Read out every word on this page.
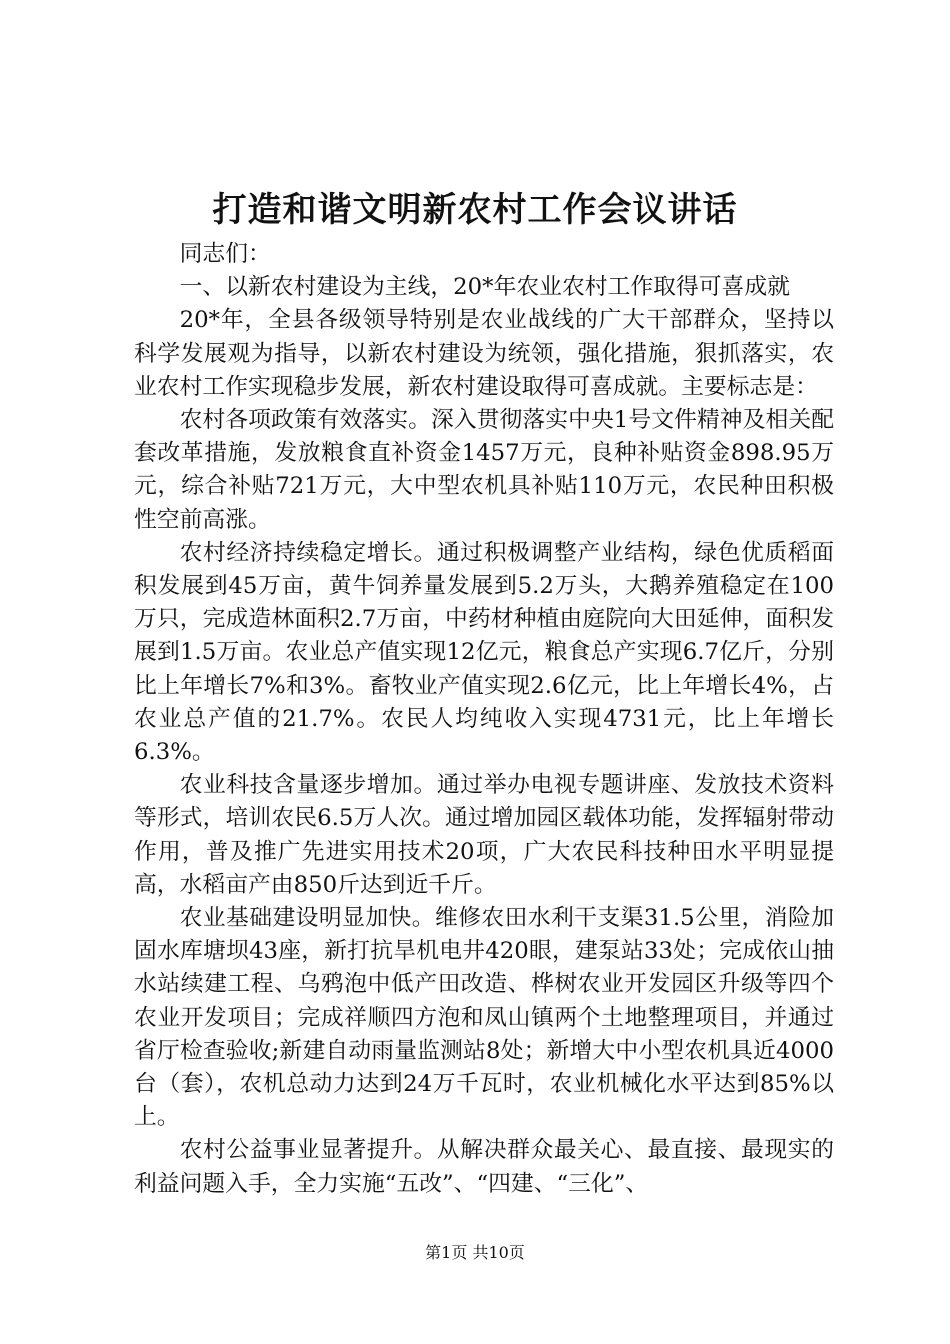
打造和谐文明新农村工作会议讲话

同志们：

一、以新农村建设为主线，20*年农业农村工作取得可喜成就

20*年，全县各级领导特别是农业战线的广大干部群众，坚持以科学发展观为指导，以新农村建设为统领，强化措施，狠抓落实，农业农村工作实现稳步发展，新农村建设取得可喜成就。主要标志是：

农村各项政策有效落实。深入贯彻落实中央1号文件精神及相关配套改革措施，发放粮食直补资金1457万元，良种补贴资金898.95万元，综合补贴721万元，大中型农机具补贴110万元，农民种田积极性空前高涨。

农村经济持续稳定增长。通过积极调整产业结构，绿色优质稻面积发展到45万亩，黄牛饲养量发展到5.2万头，大鹅养殖稳定在100万只，完成造林面积2.7万亩，中药材种植由庭院向大田延伸，面积发展到1.5万亩。农业总产值实现12亿元，粮食总产实现6.7亿斤，分别比上年增长7%和3%。畜牧业产值实现2.6亿元，比上年增长4%，占农业总产值的21.7%。农民人均纯收入实现4731元，比上年增长6.3%。

农业科技含量逐步增加。通过举办电视专题讲座、发放技术资料等形式，培训农民6.5万人次。通过增加园区载体功能，发挥辐射带动作用，普及推广先进实用技术20项，广大农民科技种田水平明显提高，水稻亩产由850斤达到近千斤。

农业基础建设明显加快。维修农田水利干支渠31.5公里，消险加固水库塘坝43座，新打抗旱机电井420眼，建泵站33处；完成依山抽水站续建工程、乌鸦泡中低产田改造、桦树农业开发园区升级等四个农业开发项目；完成祥顺四方泡和凤山镇两个土地整理项目，并通过省厅检查验收;新建自动雨量监测站8处；新增大中小型农机具近4000台（套），农机总动力达到24万千瓦时，农业机械化水平达到85%以上。

农村公益事业显著提升。从解决群众最关心、最直接、最现实的利益问题入手，全力实施“五改”、“四建、“三化”、

第1页 共10页
